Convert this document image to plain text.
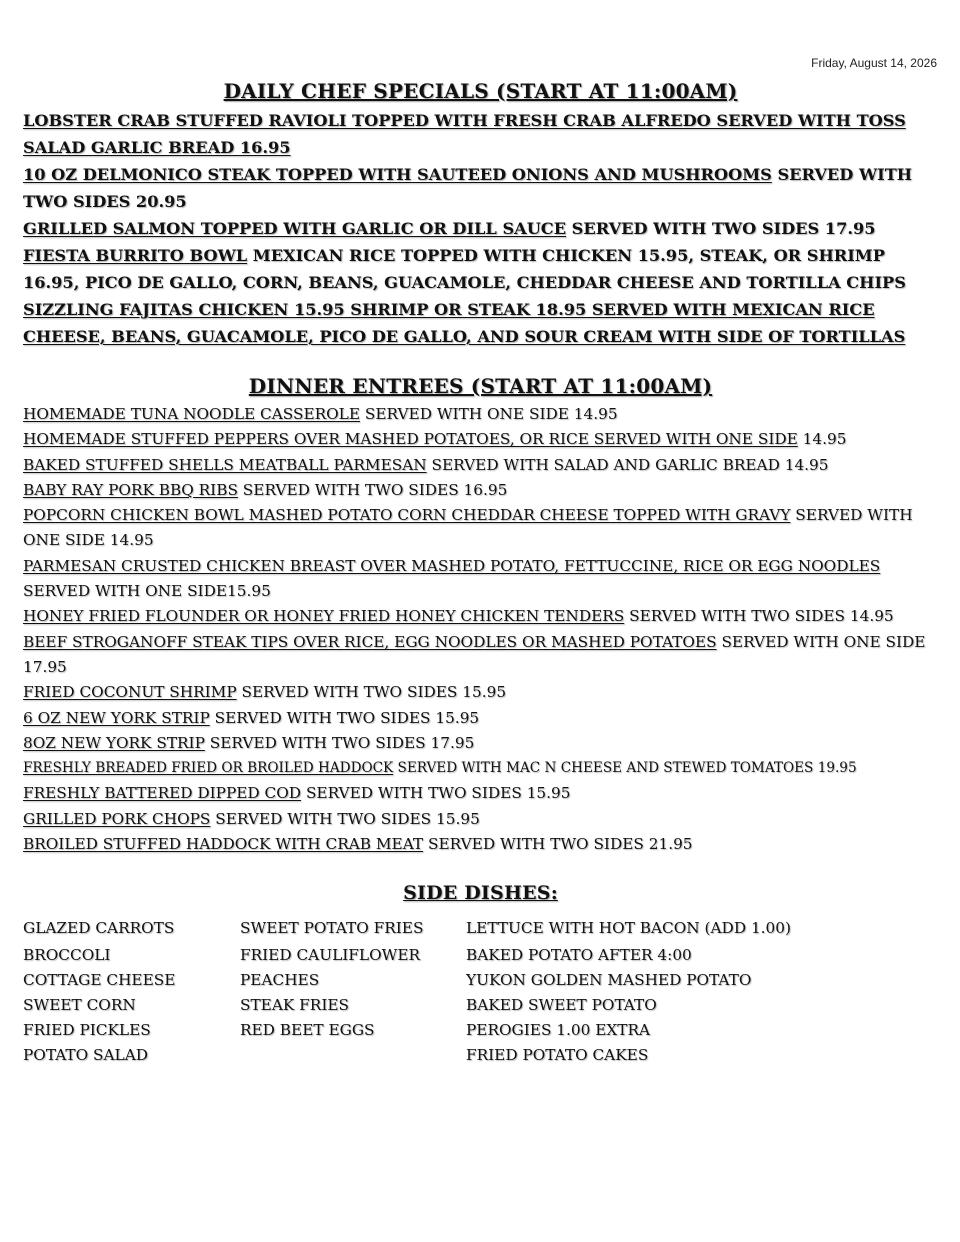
Friday, August 14, 2026
DAILY CHEF SPECIALS (START AT 11:00AM)
LOBSTER CRAB STUFFED RAVIOLI TOPPED WITH FRESH CRAB ALFREDO SERVED WITH TOSS SALAD GARLIC BREAD 16.95
10 OZ DELMONICO STEAK TOPPED WITH SAUTEED ONIONS AND MUSHROOMS SERVED WITH TWO SIDES 20.95
GRILLED SALMON TOPPED WITH GARLIC OR DILL SAUCE SERVED WITH TWO SIDES 17.95
FIESTA BURRITO BOWL MEXICAN RICE TOPPED WITH CHICKEN 15.95, STEAK, OR SHRIMP 16.95, PICO DE GALLO, CORN, BEANS, GUACAMOLE, CHEDDAR CHEESE AND TORTILLA CHIPS
SIZZLING FAJITAS CHICKEN 15.95 SHRIMP OR STEAK 18.95 SERVED WITH MEXICAN RICE CHEESE, BEANS, GUACAMOLE, PICO DE GALLO, AND SOUR CREAM WITH SIDE OF TORTILLAS
DINNER ENTREES (START AT 11:00AM)
HOMEMADE TUNA NOODLE CASSEROLE SERVED WITH ONE SIDE 14.95
HOMEMADE STUFFED PEPPERS OVER MASHED POTATOES, OR RICE SERVED WITH ONE SIDE 14.95
BAKED STUFFED SHELLS MEATBALL PARMESAN SERVED WITH SALAD AND GARLIC BREAD 14.95
BABY RAY PORK BBQ RIBS SERVED WITH TWO SIDES 16.95
POPCORN CHICKEN BOWL MASHED POTATO CORN CHEDDAR CHEESE TOPPED WITH GRAVY SERVED WITH ONE SIDE 14.95
PARMESAN CRUSTED CHICKEN BREAST OVER MASHED POTATO, FETTUCCINE, RICE OR EGG NOODLES SERVED WITH ONE SIDE15.95
HONEY FRIED FLOUNDER OR HONEY FRIED HONEY CHICKEN TENDERS SERVED WITH TWO SIDES 14.95
BEEF STROGANOFF STEAK TIPS OVER RICE, EGG NOODLES OR MASHED POTATOES SERVED WITH ONE SIDE 17.95
FRIED COCONUT SHRIMP SERVED WITH TWO SIDES 15.95
6 OZ NEW YORK STRIP SERVED WITH TWO SIDES 15.95
8OZ NEW YORK STRIP SERVED WITH TWO SIDES 17.95
FRESHLY BREADED FRIED OR BROILED HADDOCK SERVED WITH MAC N CHEESE AND STEWED TOMATOES 19.95
FRESHLY BATTERED DIPPED COD SERVED WITH TWO SIDES 15.95
GRILLED PORK CHOPS SERVED WITH TWO SIDES 15.95
BROILED STUFFED HADDOCK WITH CRAB MEAT SERVED WITH TWO SIDES 21.95
SIDE DISHES:
GLAZED CARROTS
BROCCOLI
COTTAGE CHEESE
SWEET CORN
FRIED PICKLES
POTATO SALAD
SWEET POTATO FRIES
FRIED CAULIFLOWER
PEACHES
STEAK FRIES
RED BEET EGGS
LETTUCE WITH HOT BACON (ADD 1.00)
BAKED POTATO AFTER 4:00
YUKON GOLDEN MASHED POTATO
BAKED SWEET POTATO
PEROGIES 1.00 EXTRA
FRIED POTATO CAKES
